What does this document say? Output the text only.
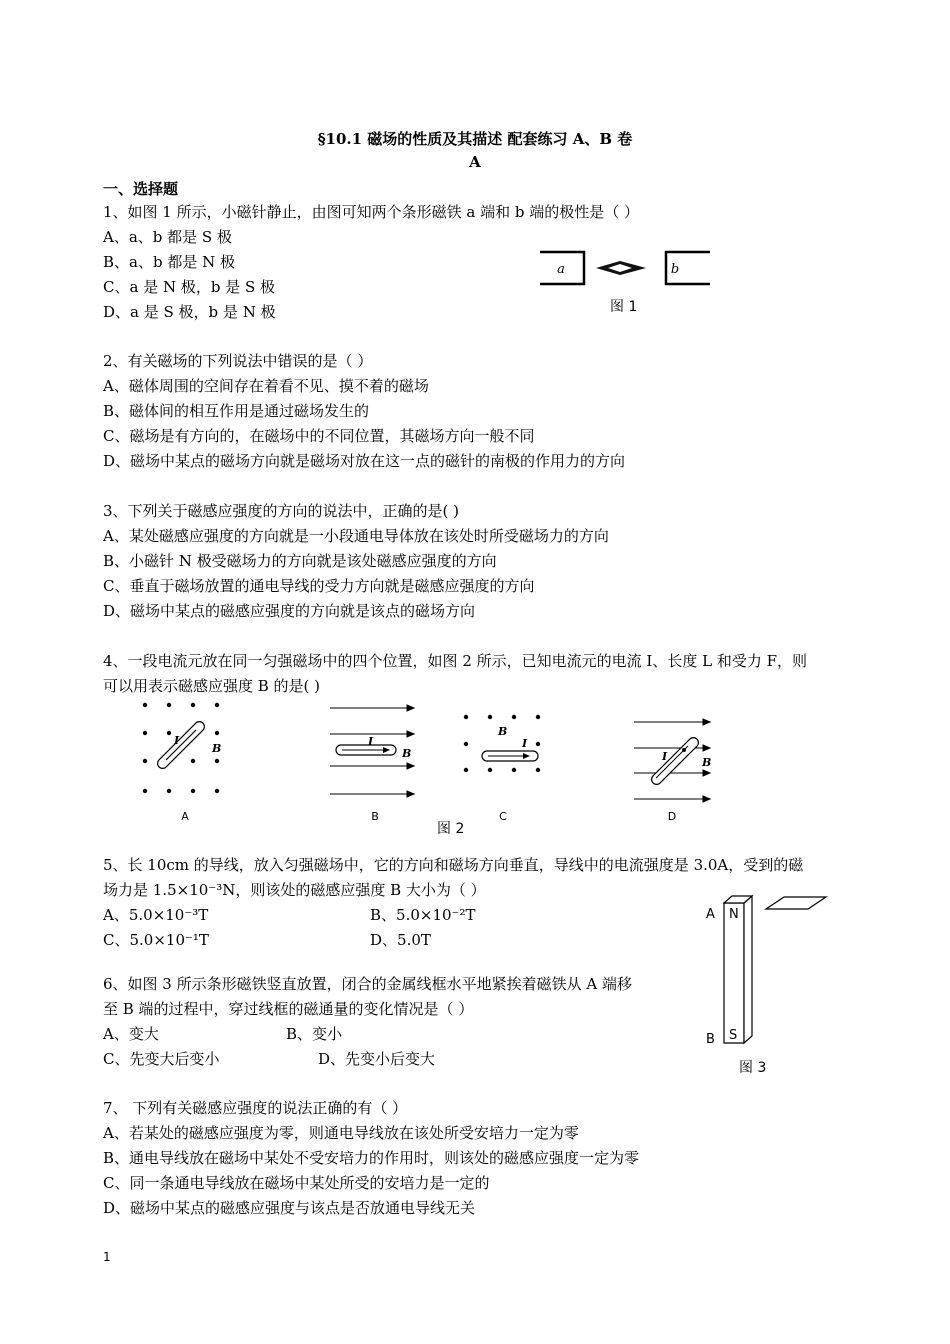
§10.1 磁场的性质及其描述 配套练习 A、B 卷
A
一、选择题
1、如图 1 所示，小磁针静止，由图可知两个条形磁铁 a 端和 b 端的极性是（ ）
A、a、b 都是 S 极
B、a、b 都是 N 极
C、a 是 N 极，b 是 S 极
D、a 是 S 极，b 是 N 极
a	b
图 1
2、有关磁场的下列说法中错误的是（ ）
A、磁体周围的空间存在着看不见、摸不着的磁场
B、磁体间的相互作用是通过磁场发生的
C、磁场是有方向的，在磁场中的不同位置，其磁场方向一般不同
D、磁场中某点的磁场方向就是磁场对放在这一点的磁针的南极的作用力的方向
3、下列关于磁感应强度的方向的说法中，正确的是( )
A、某处磁感应强度的方向就是一小段通电导体放在该处时所受磁场力的方向
B、小磁针 N 极受磁场力的方向就是该处磁感应强度的方向
C、垂直于磁场放置的通电导线的受力方向就是磁感应强度的方向
D、磁场中某点的磁感应强度的方向就是该点的磁场方向
4、一段电流元放在同一匀强磁场中的四个位置，如图 2 所示，已知电流元的电流 I、长度 L 和受力 F，则
可以用表示磁感应强度 B 的是( )
I
B
A
I
B
B
B
I
C
I	B
D
图 2
5、长 10cm 的导线，放入匀强磁场中，它的方向和磁场方向垂直，导线中的电流强度是 3.0A，受到的磁
场力是 1.5×10⁻³N，则该处的磁感应强度 B 大小为（ ）
A、5.0×10⁻³T	B、5.0×10⁻²T
C、5.0×10⁻¹T	D、5.0T
6、如图 3 所示条形磁铁竖直放置，闭合的金属线框水平地紧挨着磁铁从 A 端移
至 B 端的过程中，穿过线框的磁通量的变化情况是（ ）
A、变大	B、变小
C、先变大后变小	D、先变小后变大
A N
B S
图 3
7、 下列有关磁感应强度的说法正确的有（ ）
A、若某处的磁感应强度为零，则通电导线放在该处所受安培力一定为零
B、通电导线放在磁场中某处不受安培力的作用时，则该处的磁感应强度一定为零
C、同一条通电导线放在磁场中某处所受的安培力是一定的
D、磁场中某点的磁感应强度与该点是否放通电导线无关
1
